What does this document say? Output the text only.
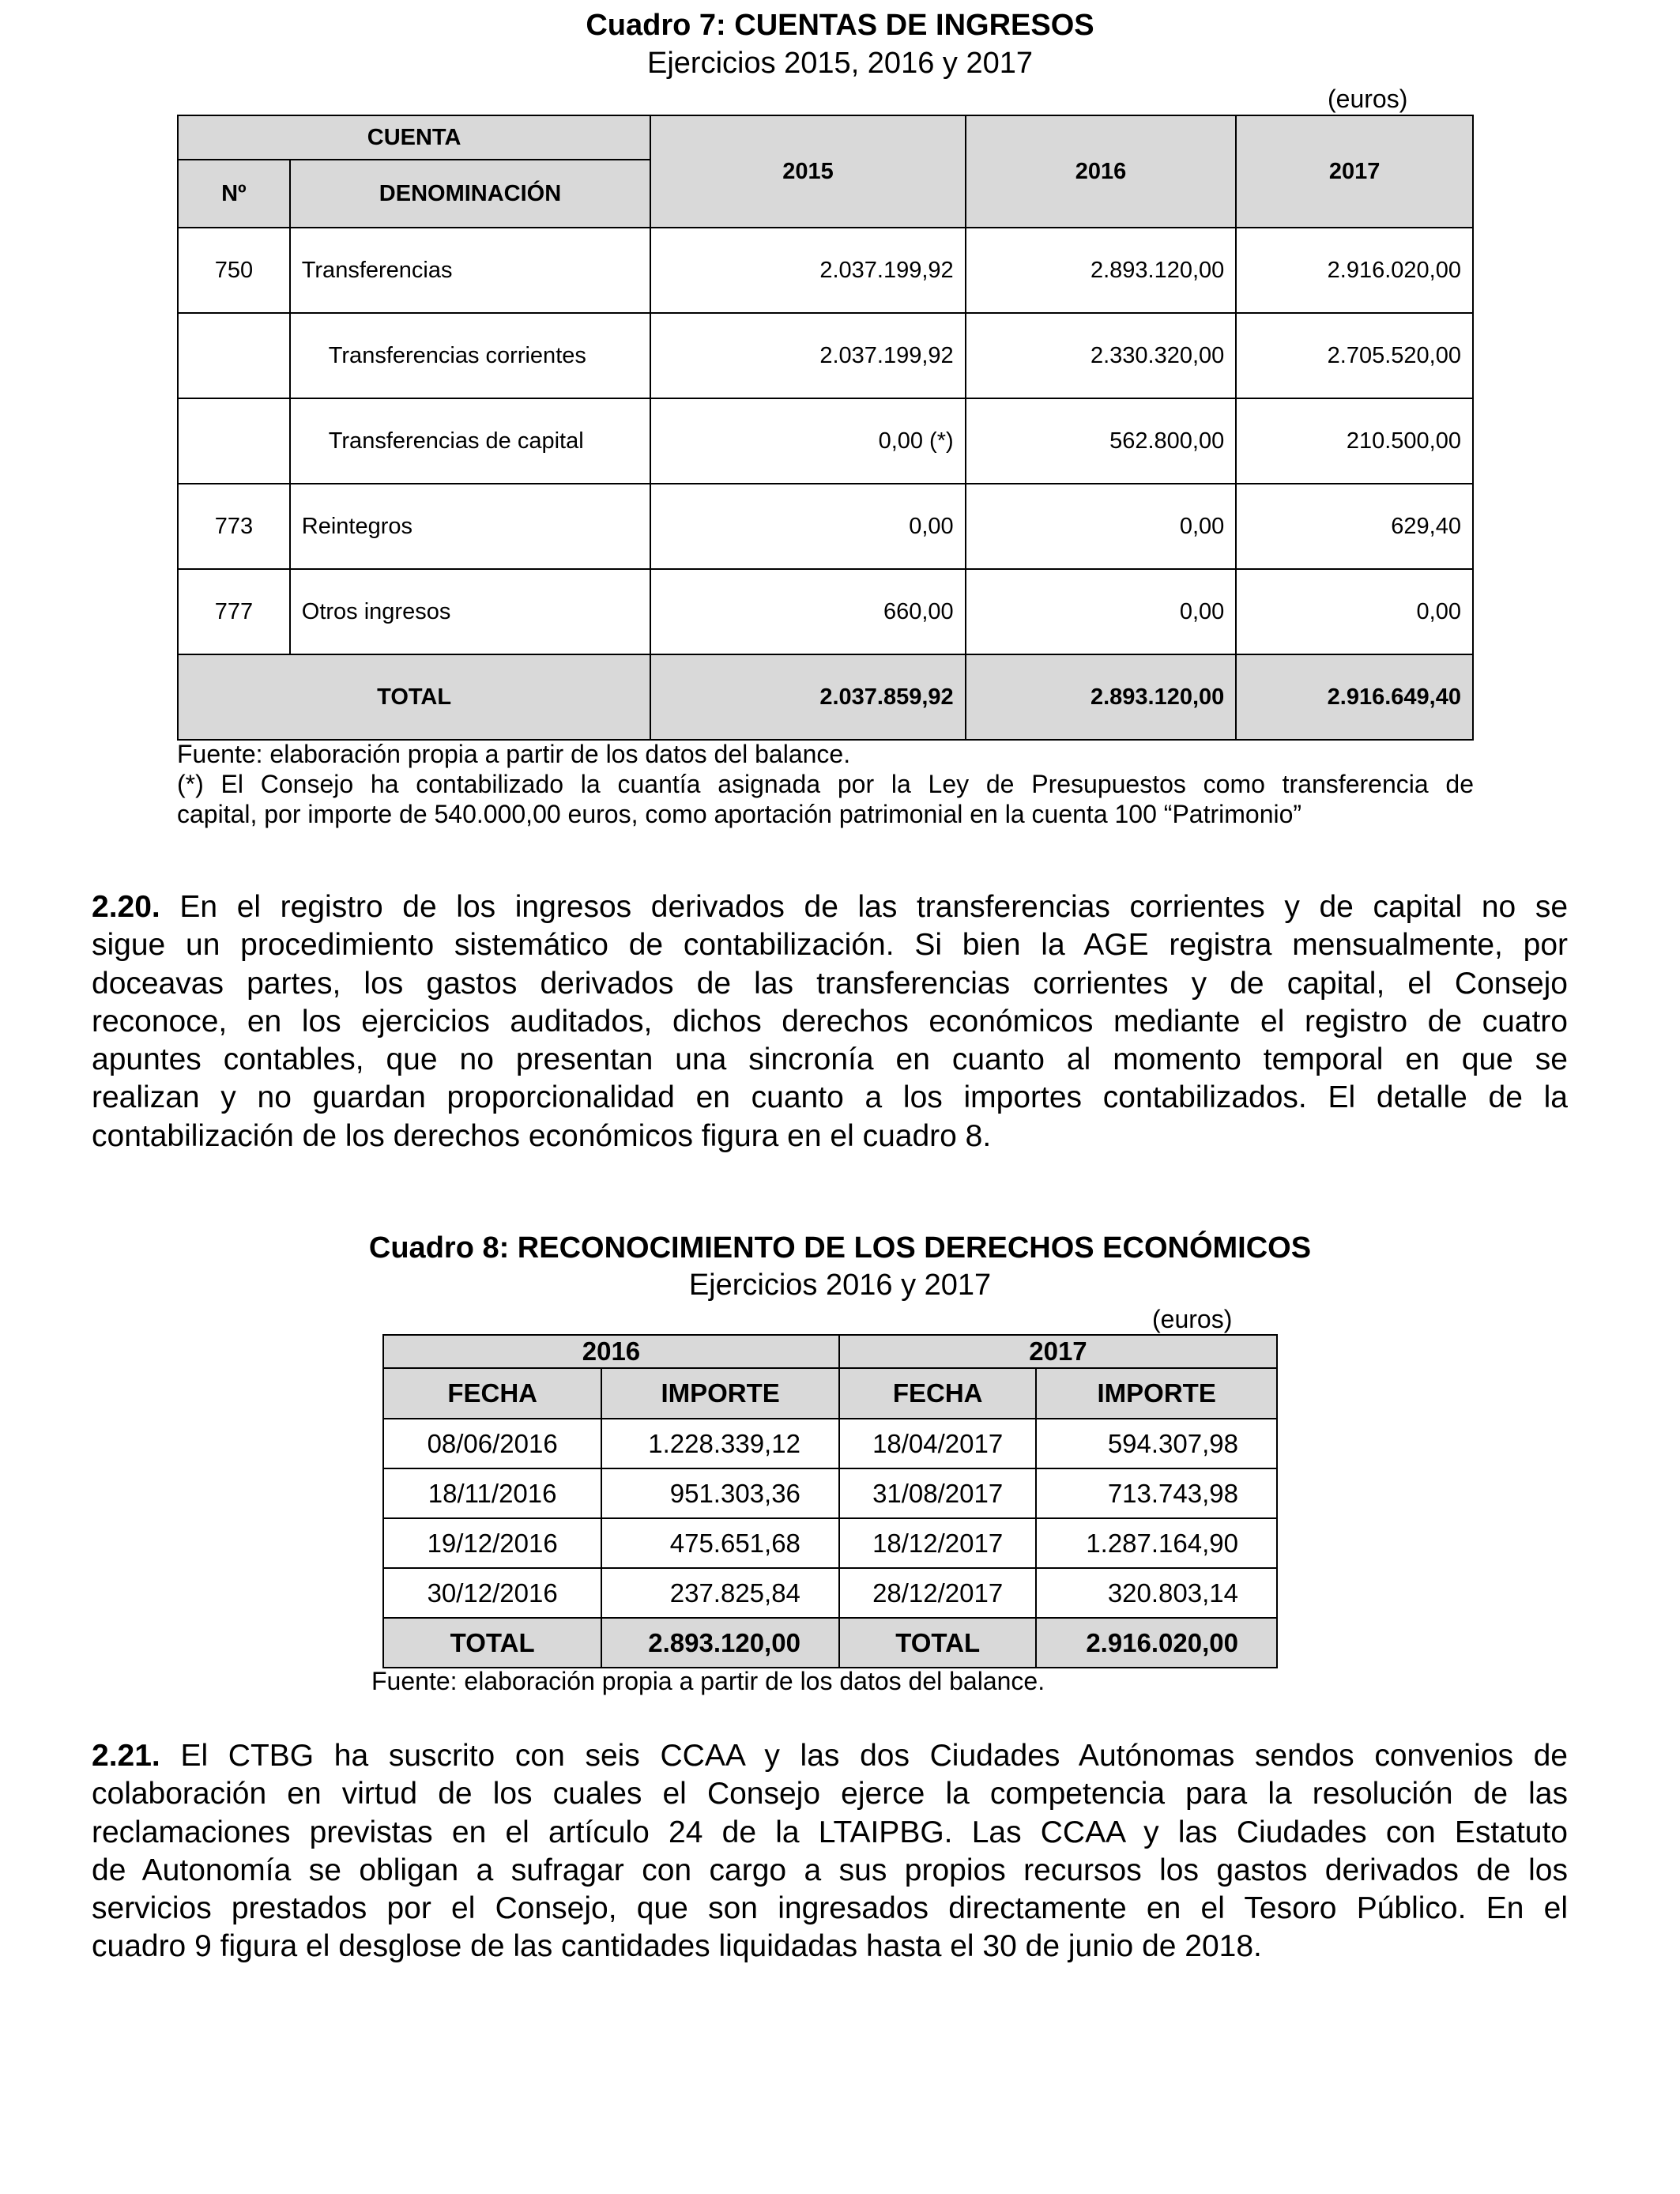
Cuadro 7: CUENTAS DE INGRESOS
Ejercicios 2015, 2016 y 2017
(euros)
CUENTA		2015	2016	2017
Nº	DENOMINACIÓN			
750	Transferencias	2.037.199,92	2.893.120,00	2.916.020,00
	Transferencias corrientes	2.037.199,92	2.330.320,00	2.705.520,00
	Transferencias de capital	0,00 (*)	562.800,00	210.500,00
773	Reintegros	0,00	0,00	629,40
777	Otros ingresos	660,00	0,00	0,00
TOTAL		2.037.859,92	2.893.120,00	2.916.649,40
Fuente: elaboración propia a partir de los datos del balance.
(*) El Consejo ha contabilizado la cuantía asignada por la Ley de Presupuestos como transferencia de
capital, por importe de 540.000,00 euros, como aportación patrimonial en la cuenta 100 “Patrimonio”
2.20. En el registro de los ingresos derivados de las transferencias corrientes y de capital no se
sigue un procedimiento sistemático de contabilización. Si bien la AGE registra mensualmente, por
doceavas partes, los gastos derivados de las transferencias corrientes y de capital, el Consejo
reconoce, en los ejercicios auditados, dichos derechos económicos mediante el registro de cuatro
apuntes contables, que no presentan una sincronía en cuanto al momento temporal en que se
realizan y no guardan proporcionalidad en cuanto a los importes contabilizados. El detalle de la
contabilización de los derechos económicos figura en el cuadro 8.
Cuadro 8: RECONOCIMIENTO DE LOS DERECHOS ECONÓMICOS
Ejercicios 2016 y 2017
(euros)
2016		2017	
FECHA	IMPORTE	FECHA	IMPORTE
08/06/2016	1.228.339,12	18/04/2017	594.307,98
18/11/2016	951.303,36	31/08/2017	713.743,98
19/12/2016	475.651,68	18/12/2017	1.287.164,90
30/12/2016	237.825,84	28/12/2017	320.803,14
TOTAL	2.893.120,00	TOTAL	2.916.020,00
Fuente: elaboración propia a partir de los datos del balance.
2.21. El CTBG ha suscrito con seis CCAA y las dos Ciudades Autónomas sendos convenios de
colaboración en virtud de los cuales el Consejo ejerce la competencia para la resolución de las
reclamaciones previstas en el artículo 24 de la LTAIPBG. Las CCAA y las Ciudades con Estatuto
de Autonomía se obligan a sufragar con cargo a sus propios recursos los gastos derivados de los
servicios prestados por el Consejo, que son ingresados directamente en el Tesoro Público. En el
cuadro 9 figura el desglose de las cantidades liquidadas hasta el 30 de junio de 2018.
